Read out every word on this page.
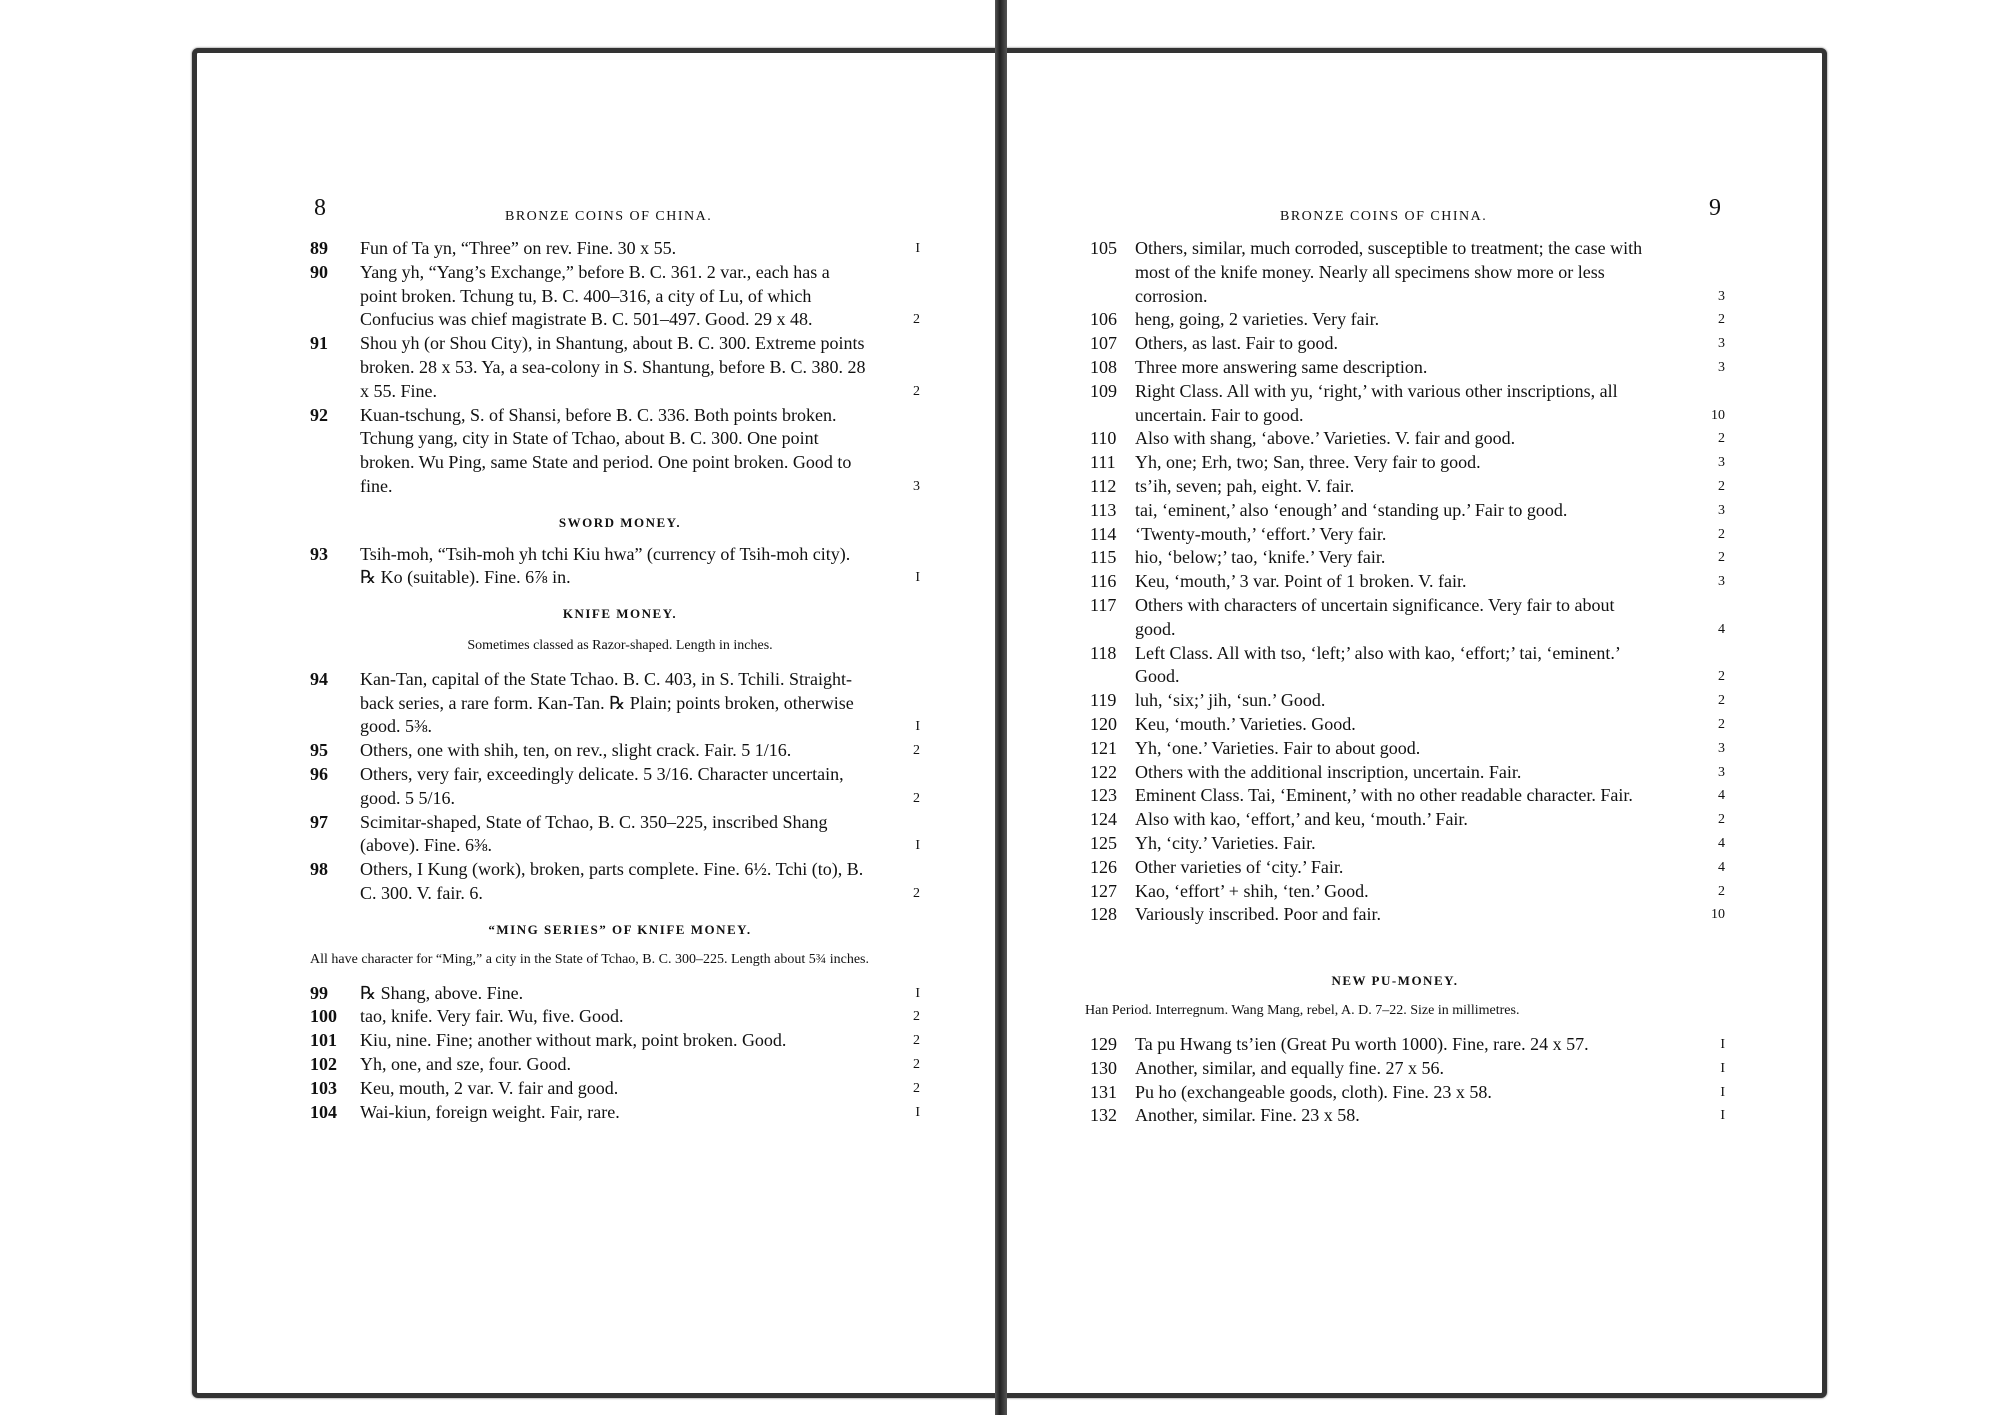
8	BRONZE COINS OF CHINA.
89 Fun of Ta yn, “Three” on rev. Fine. 30 x 55.	I
90 Yang yh, “Yang’s Exchange,” before B. C. 361. 2 var., each has a point broken. Tchung tu, B. C. 400–316, a city of Lu, of which Confucius was chief magistrate B. C. 501–497. Good. 29 x 48.	2
91 Shou yh (or Shou City), in Shantung, about B. C. 300. Extreme points broken. 28 x 53. Ya, a sea-colony in S. Shantung, before B. C. 380. 28 x 55. Fine.	2
92 Kuan-tschung, S. of Shansi, before B. C. 336. Both points broken. Tchung yang, city in State of Tchao, about B. C. 300. One point broken. Wu Ping, same State and period. One point broken. Good to fine.	3
SWORD MONEY.
93 Tsih-moh, “Tsih-moh yh tchi Kiu hwa” (currency of Tsih-moh city). ℞ Ko (suitable). Fine. 6⅞ in.	I
KNIFE MONEY.
Sometimes classed as Razor-shaped. Length in inches.
94 Kan-Tan, capital of the State Tchao. B. C. 403, in S. Tchili. Straight-back series, a rare form. Kan-Tan. ℞ Plain; points broken, otherwise good. 5⅜.	I
95 Others, one with shih, ten, on rev., slight crack. Fair. 5 1/16.	2
96 Others, very fair, exceedingly delicate. 5 3/16. Character uncertain, good. 5 5/16.	2
97 Scimitar-shaped, State of Tchao, B. C. 350–225, inscribed Shang (above). Fine. 6⅜.	I
98 Others, I Kung (work), broken, parts complete. Fine. 6½. Tchi (to), B. C. 300. V. fair. 6.	2
“MING SERIES” OF KNIFE MONEY.
All have character for “Ming,” a city in the State of Tchao, B. C. 300–225. Length about 5¾ inches.
99 ℞ Shang, above. Fine.	I
100 tao, knife. Very fair. Wu, five. Good.	2
101 Kiu, nine. Fine; another without mark, point broken. Good.	2
102 Yh, one, and sze, four. Good.	2
103 Keu, mouth, 2 var. V. fair and good.	2
104 Wai-kiun, foreign weight. Fair, rare.	I
BRONZE COINS OF CHINA.	9
105 Others, similar, much corroded, susceptible to treatment; the case with most of the knife money. Nearly all specimens show more or less corrosion.	3
106 heng, going, 2 varieties. Very fair.	2
107 Others, as last. Fair to good.	3
108 Three more answering same description.	3
109 Right Class. All with yu, ‘right,’ with various other inscriptions, all uncertain. Fair to good.	10
110 Also with shang, ‘above.’ Varieties. V. fair and good.	2
111 Yh, one; Erh, two; San, three. Very fair to good.	3
112 ts’ih, seven; pah, eight. V. fair.	2
113 tai, ‘eminent,’ also ‘enough’ and ‘standing up.’ Fair to good.	3
114 ‘Twenty-mouth,’ ‘effort.’ Very fair.	2
115 hio, ‘below;’ tao, ‘knife.’ Very fair.	2
116 Keu, ‘mouth,’ 3 var. Point of 1 broken. V. fair.	3
117 Others with characters of uncertain significance. Very fair to about good.	4
118 Left Class. All with tso, ‘left;’ also with kao, ‘effort;’ tai, ‘eminent.’ Good.	2
119 luh, ‘six;’ jih, ‘sun.’ Good.	2
120 Keu, ‘mouth.’ Varieties. Good.	2
121 Yh, ‘one.’ Varieties. Fair to about good.	3
122 Others with the additional inscription, uncertain. Fair.	3
123 Eminent Class. Tai, ‘Eminent,’ with no other readable character. Fair.	4
124 Also with kao, ‘effort,’ and keu, ‘mouth.’ Fair.	2
125 Yh, ‘city.’ Varieties. Fair.	4
126 Other varieties of ‘city.’ Fair.	4
127 Kao, ‘effort’ + shih, ‘ten.’ Good.	2
128 Variously inscribed. Poor and fair.	10
NEW PU-MONEY.
Han Period. Interregnum. Wang Mang, rebel, A. D. 7–22. Size in millimetres.
129 Ta pu Hwang ts’ien (Great Pu worth 1000). Fine, rare. 24 x 57.	I
130 Another, similar, and equally fine. 27 x 56.	I
131 Pu ho (exchangeable goods, cloth). Fine. 23 x 58.	I
132 Another, similar. Fine. 23 x 58.	I
